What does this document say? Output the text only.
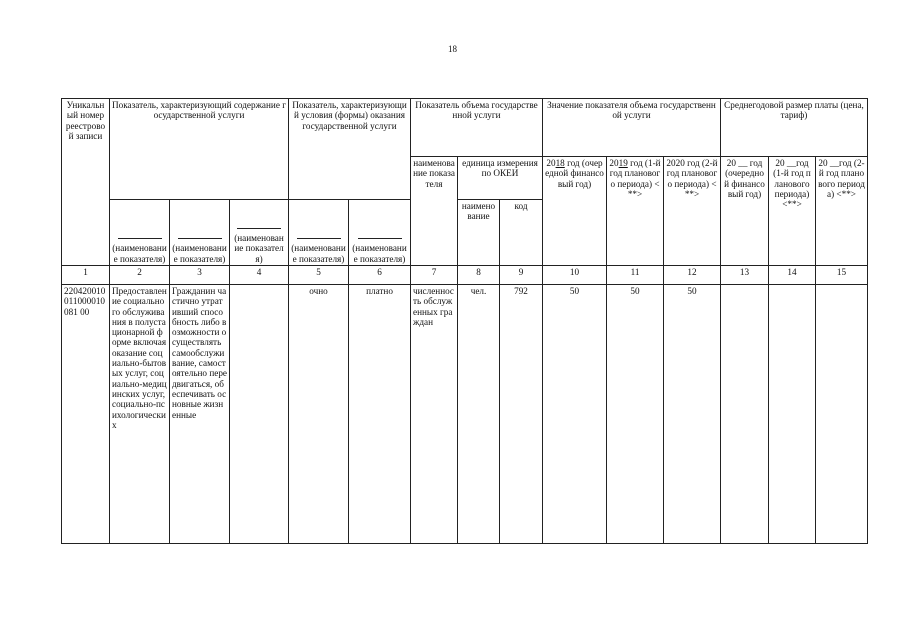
18
Уникальный номер реестровой записи	Показатель, характеризующий содержание государственной услуги			Показатель, характеризующий условия (формы) оказания государственной услуги		Показатель объема государственной услуги			Значение показателя объема государственной услуги			Среднегодовой размер платы (цена, тариф)		
						наименование показателя	единица измерения по ОКЕИ		2018 год (очередной финансовый год)	2019 год (1-й год планового периода) <**>	2020 год (2-й год планового периода) <**>	20 __ год (очередной финансовый год)	20 __год (1-й год планового периода) <**>	20 __год (2-й год планового периода) <**>
							наименование	код						

	(наименование показателя)	(наименование показателя)	(наименование показателя)	(наименование показателя)	(наименование показателя)									

1	2	3	4	5	6	7	8	9	10	11	12	13	14	15
220420010011000010081 00	Предоставление социального обслуживания в полустационарной форме включая оказание социально-бытовых услуг, социально-медицинских услуг, социально-психологических	Гражданин частично утративший способность либо возможности осуществлять самообслуживание, самостоятельно передвигаться, обеспечивать основные жизненные		очно	платно	численность обслуженных граждан	чел.	792	50	50	50			
